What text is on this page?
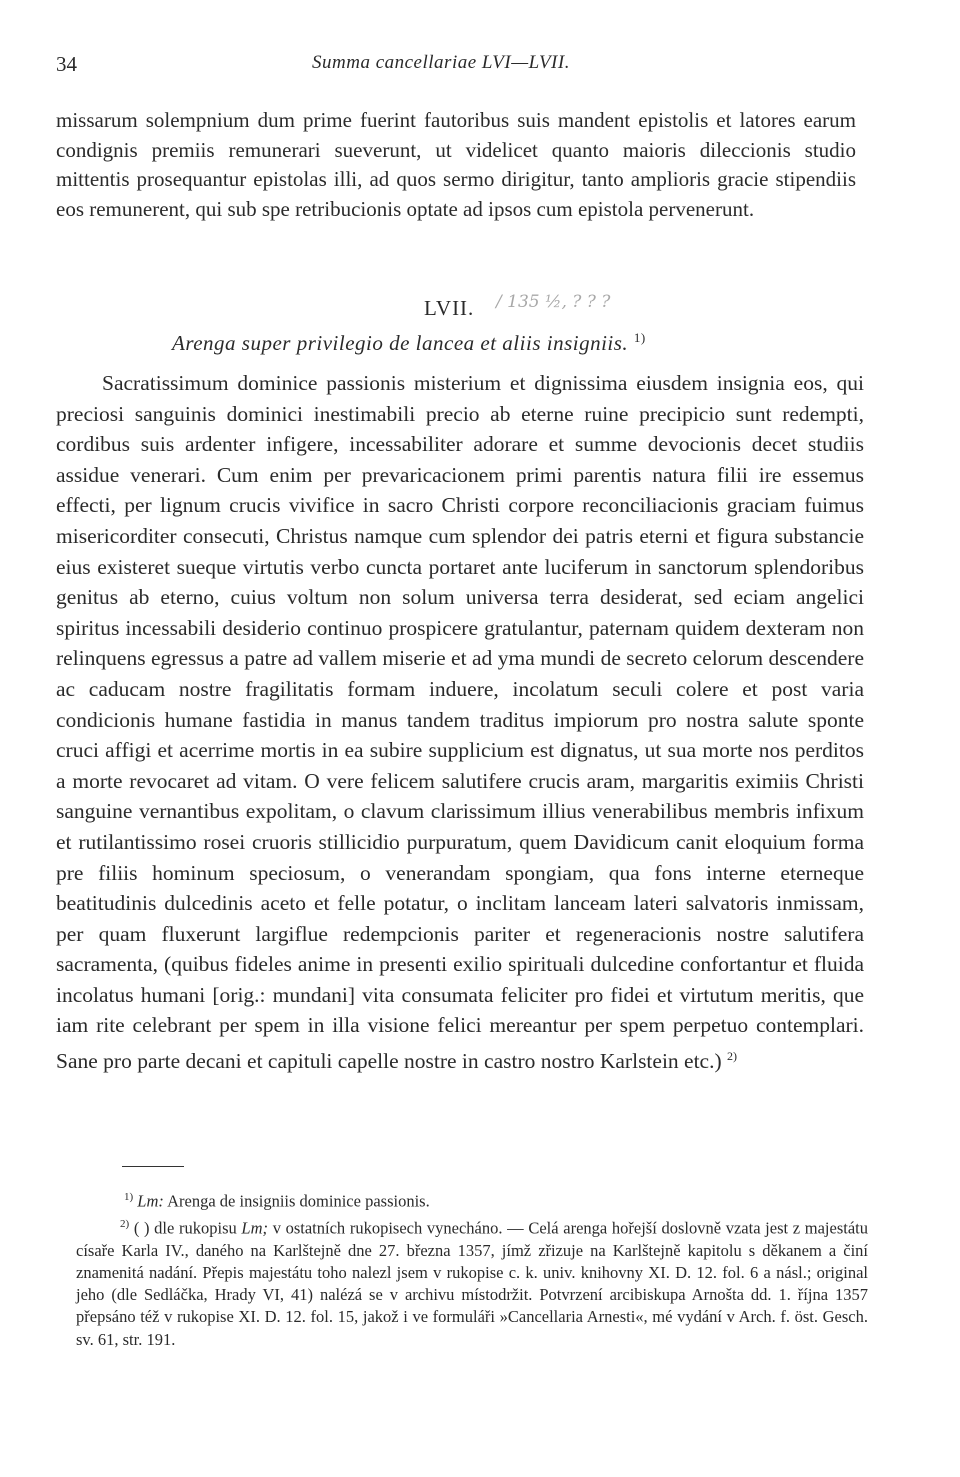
34	Summa cancellariae LVI—LVII.

missarum solempnium dum prime fuerint fautoribus suis mandent epistolis et latores earum condignis premiis remunerari sueverunt, ut videlicet quanto maioris dileccionis studio mittentis prosequantur epistolas illi, ad quos sermo dirigitur, tanto amplioris gracie stipendiis eos remunerent, qui sub spe retribucionis optate ad ipsos cum epistola pervenerunt.

LVII. / 135 ½, ? ? ?
Arenga super privilegio de lancea et aliis insigniis. $^{1)}$

Sacratissimum dominice passionis misterium et dignissima eiusdem insignia eos, qui preciosi sanguinis dominici inestimabili precio ab eterne ruine precipicio sunt redempti, cordibus suis ardenter infigere, incessabiliter adorare et summe devocionis decet studiis assidue venerari. Cum enim per prevaricacionem primi parentis natura filii ire essemus effecti, per lignum crucis vivifice in sacro Christi corpore reconciliacionis graciam fuimus misericorditer consecuti, Christus namque cum splendor dei patris eterni et figura substancie eius existeret sueque virtutis verbo cuncta portaret ante luciferum in sanctorum splendoribus genitus ab eterno, cuius voltum non solum universa terra desiderat, sed eciam angelici spiritus incessabili desiderio continuo prospicere gratulantur, paternam quidem dexteram non relinquens egressus a patre ad vallem miserie et ad yma mundi de secreto celorum descendere ac caducam nostre fragilitatis formam induere, incolatum seculi colere et post varia condicionis humane fastidia in manus tandem traditus impiorum pro nostra salute sponte cruci affigi et acerrime mortis in ea subire supplicium est dignatus, ut sua morte nos perditos a morte revocaret ad vitam. O vere felicem salutifere crucis aram, margaritis eximiis Christi sanguine vernantibus expolitam, o clavum clarissimum illius venerabilibus membris infixum et rutilantissimo rosei cruoris stillicidio purpuratum, quem Davidicum canit eloquium forma pre filiis hominum speciosum, o venerandam spongiam, qua fons interne eterneque beatitudinis dulcedinis aceto et felle potatur, o inclitam lanceam lateri salvatoris inmissam, per quam fluxerunt largiflue redempcionis pariter et regeneracionis nostre salutifera sacramenta, (quibus fideles anime in presenti exilio spirituali dulcedine confortantur et fluida incolatus humani [orig.: mundani] vita consumata feliciter pro fidei et virtutum meritis, que iam rite celebrant per spem in illa visione felici mereantur per spem perpetuo contemplari. Sane pro parte decani et capituli capelle nostre in castro nostro Karlstein etc.) $^{2)}$

$^{1)}$ Lm: Arenga de insigniis dominice passionis.

$^{2)}$ ( ) dle rukopisu Lm; v ostatních rukopisech vynecháno. — Celá arenga hořejší doslovně vzata jest z majestátu císaře Karla IV., daného na Karlštejně dne 27. března 1357, jímž zřizuje na Karlštejně kapitolu s děkanem a činí znamenitá nadání. Přepis majestátu toho nalezl jsem v rukopise c. k. univ. knihovny XI. D. 12. fol. 6 a násl.; original jeho (dle Sedláčka, Hrady VI, 41) nalézá se v archivu místodržit. Potvrzení arcibiskupa Arnošta dd. 1. října 1357 přepsáno též v rukopise XI. D. 12. fol. 15, jakož i ve formuláři »Cancellaria Arnesti«, mé vydání v Arch. f. öst. Gesch. sv. 61, str. 191.
